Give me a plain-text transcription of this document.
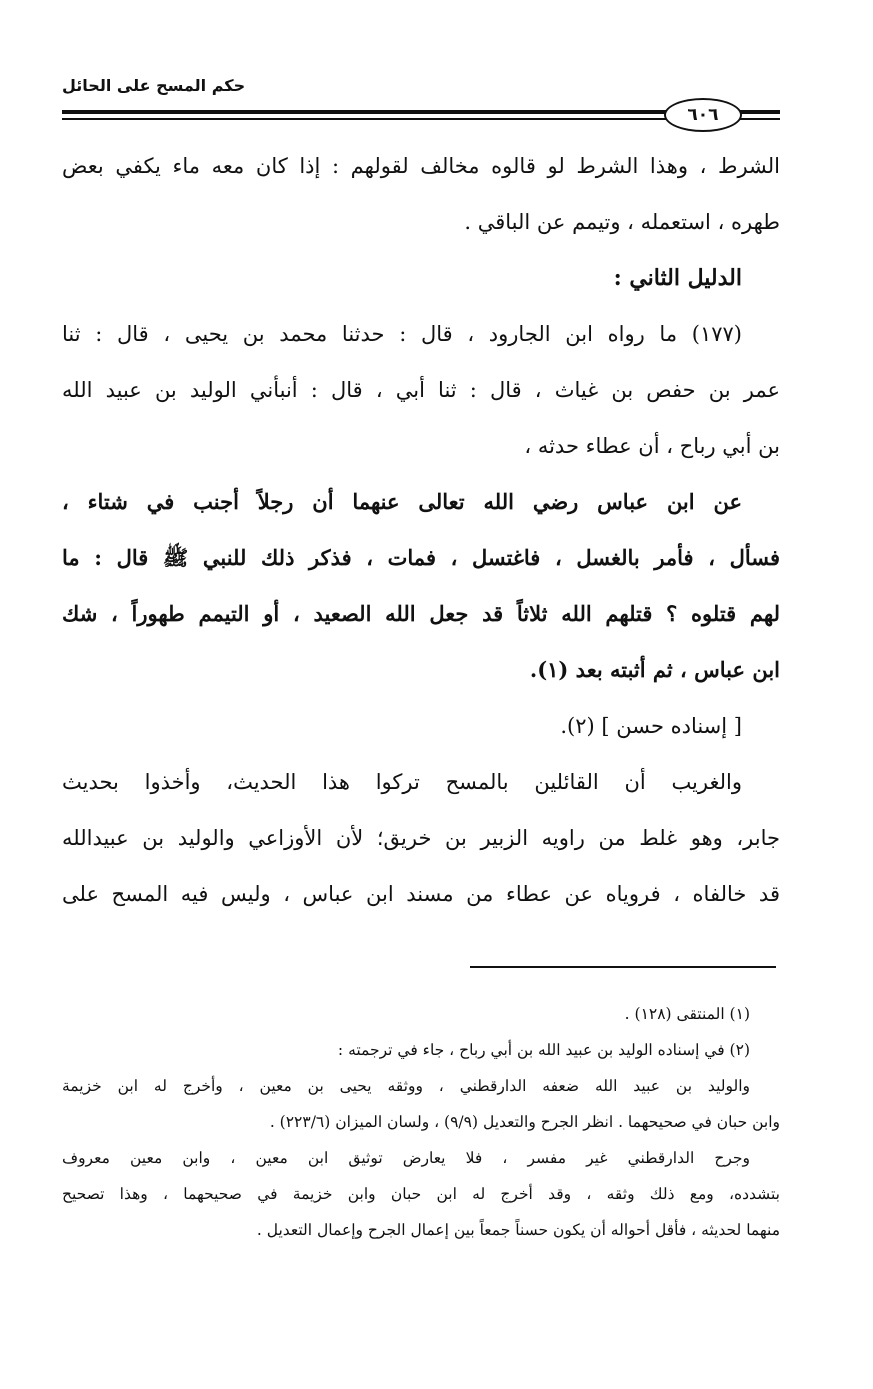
حكم المسح على الحائل
٦٠٦
الشرط ، وهذا الشرط لو قالوه مخالف لقولهم : إذا كان معه ماء يكفي بعض
طهره ، استعمله ، وتيمم عن الباقي .
الدليل الثاني :
(١٧٧) ما رواه ابن الجارود ، قال : حدثنا محمد بن يحيى ، قال : ثنا
عمر بن حفص بن غياث ، قال : ثنا أبي ، قال : أنبأني الوليد بن عبيد الله
بن أبي رباح ، أن عطاء حدثه ،
عن ابن عباس رضي الله تعالى عنهما أن رجلاً أجنب في شتاء ،
فسأل ، فأمر بالغسل ، فاغتسل ، فمات ، فذكر ذلك للنبي ﷺ قال : ما
لهم قتلوه ؟ قتلهم الله ثلاثاً قد جعل الله الصعيد ، أو التيمم طهوراً ، شك
ابن عباس ، ثم أثبته بعد (١).
[ إسناده حسن ] (٢).
والغريب أن القائلين بالمسح تركوا هذا الحديث، وأخذوا بحديث
جابر، وهو غلط من راويه الزبير بن خريق؛ لأن الأوزاعي والوليد بن عبيدالله
قد خالفاه ، فروياه عن عطاء من مسند ابن عباس ، وليس فيه المسح على
(١) المنتقى (١٢٨) .
(٢) في إسناده الوليد بن عبيد الله بن أبي رباح ، جاء في ترجمته :
والوليد بن عبيد الله ضعفه الدارقطني ، ووثقه يحيى بن معين ، وأخرج له ابن خزيمة
وابن حبان في صحيحهما . انظر الجرح والتعديل (٩/٩) ، ولسان الميزان (٢٢٣/٦) .
وجرح الدارقطني غير مفسر ، فلا يعارض توثيق ابن معين ، وابن معين معروف
بتشدده، ومع ذلك وثقه ، وقد أخرج له ابن حبان وابن خزيمة في صحيحهما ، وهذا تصحيح
منهما لحديثه ، فأقل أحواله أن يكون حسناً جمعاً بين إعمال الجرح وإعمال التعديل .
